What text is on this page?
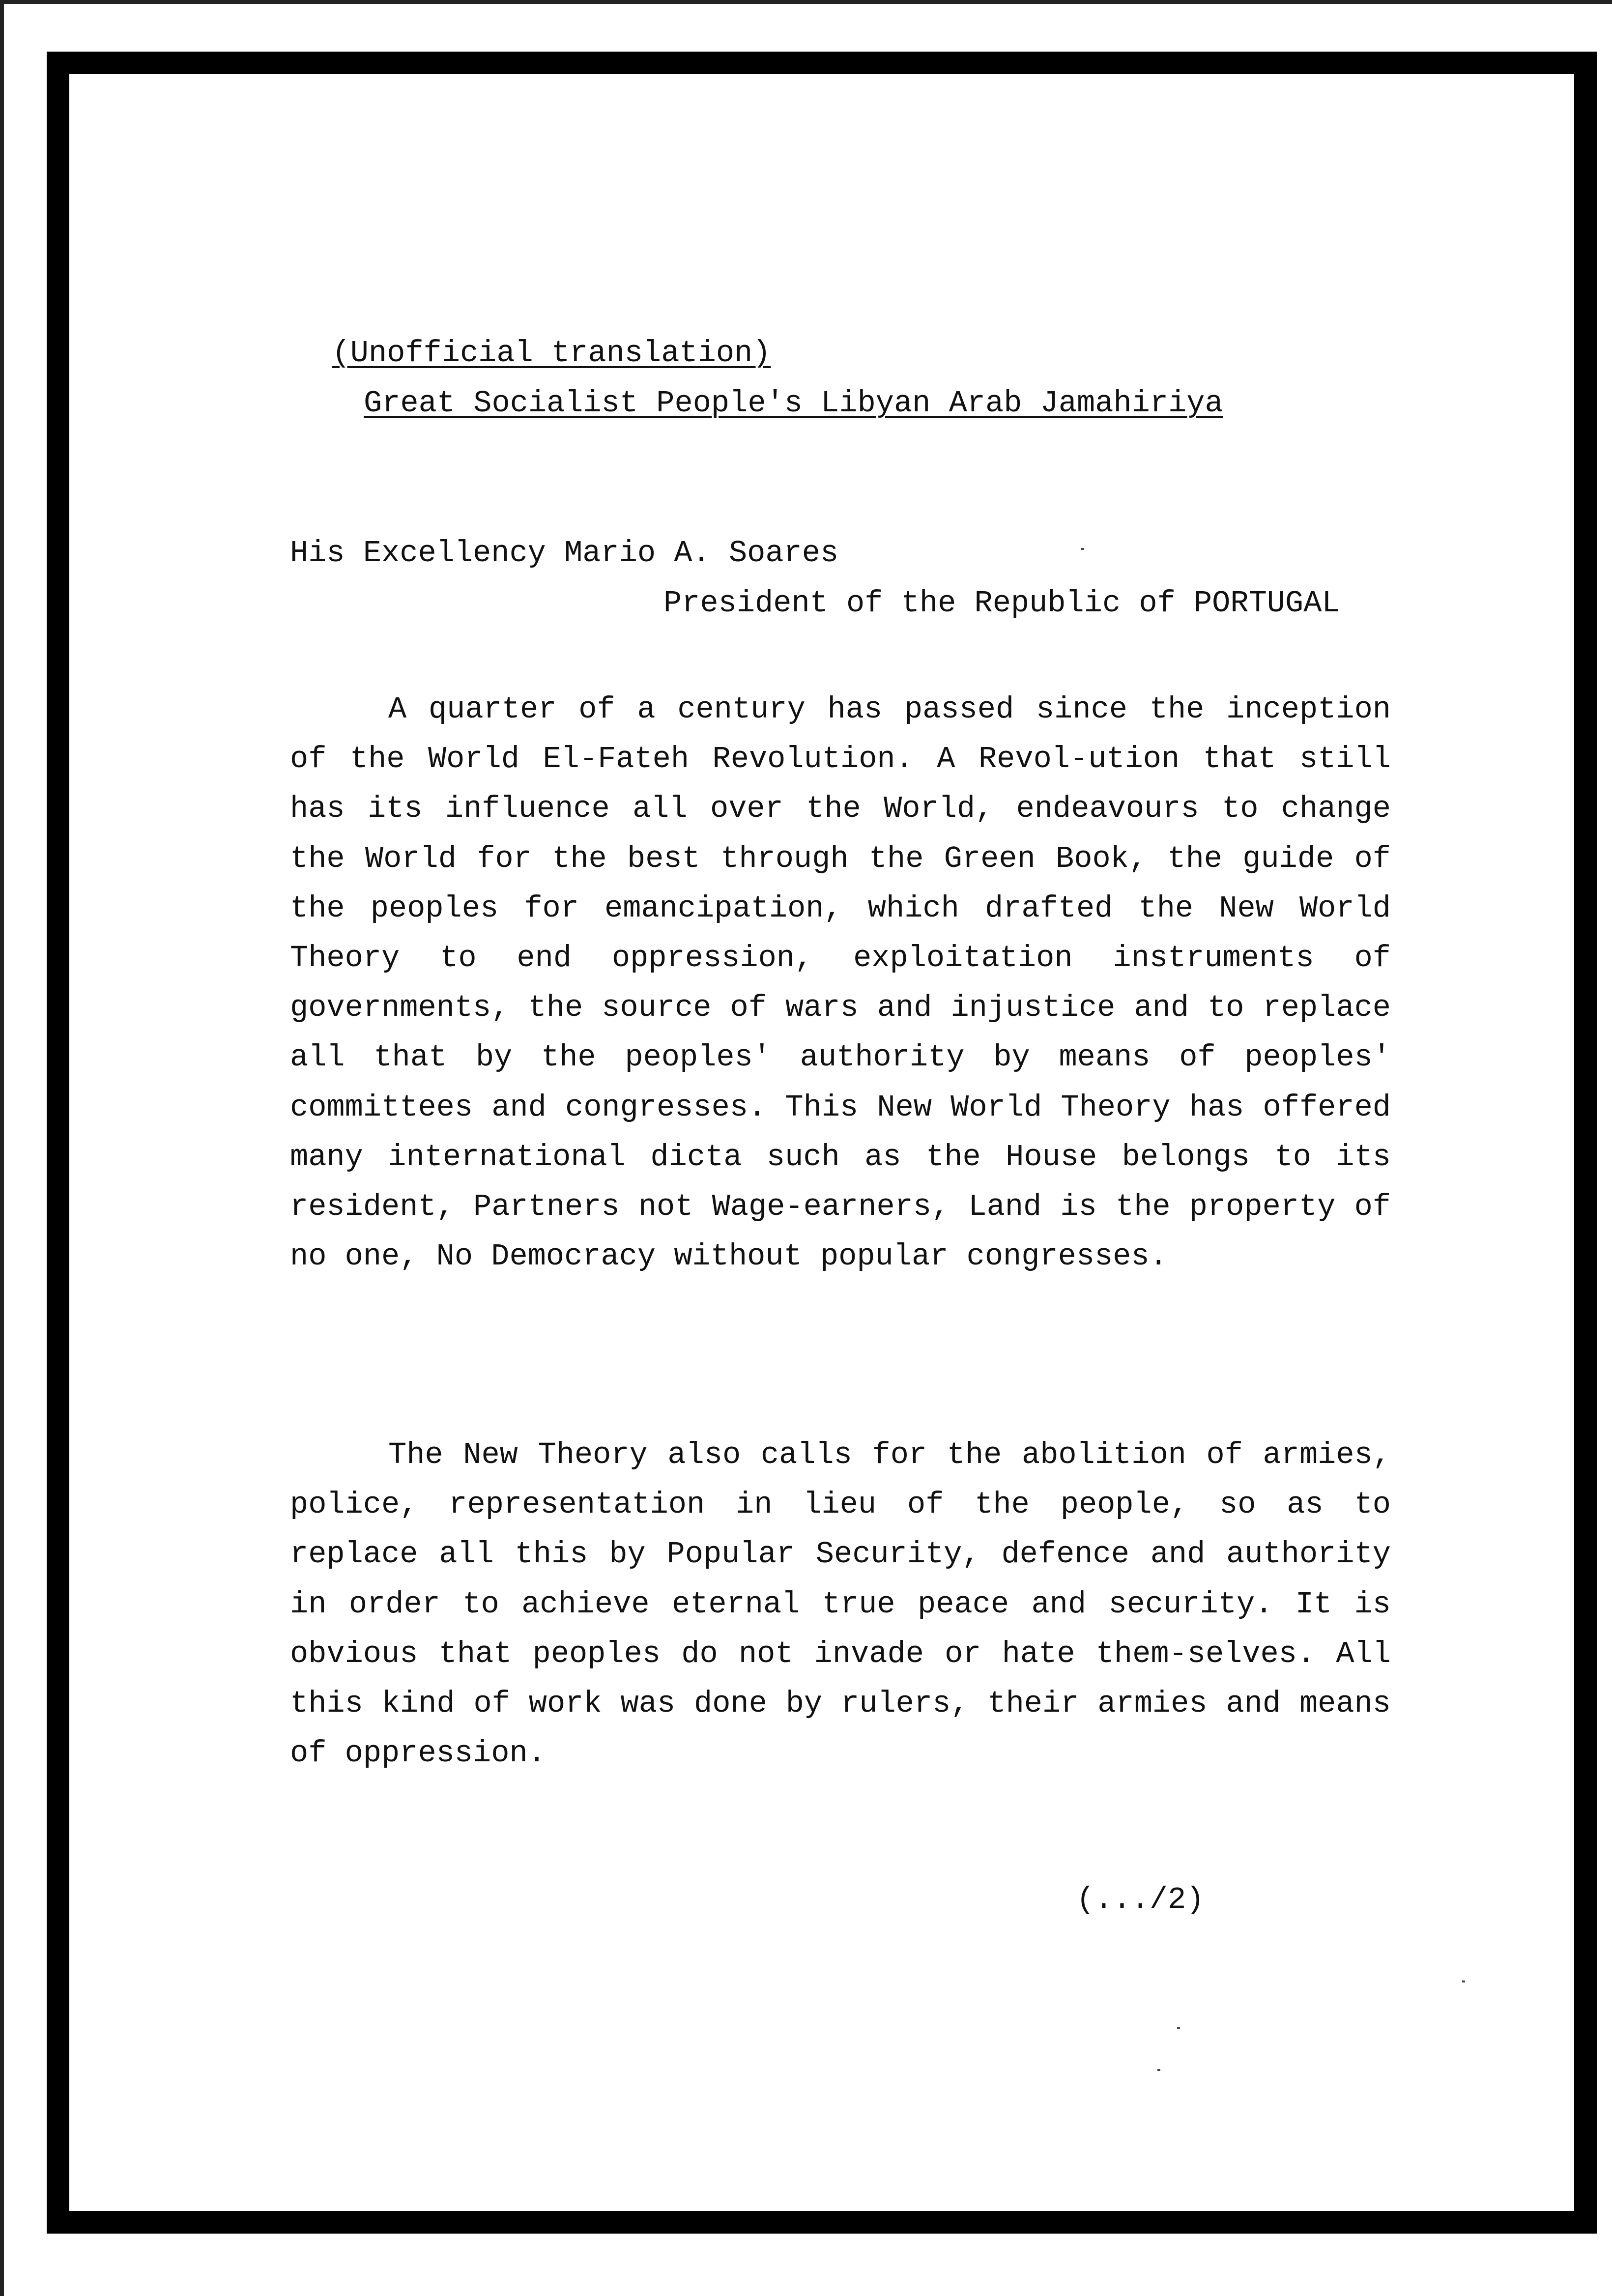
(Unofficial translation)
Great Socialist People's Libyan Arab Jamahiriya
His Excellency Mario A. Soares
President of the Republic of PORTUGAL

A quarter of a century has passed since the inception of the World El-Fateh Revolution. A Revol-ution that still has its influence all over the World, endeavours to change the World for the best through the Green Book, the guide of the peoples for emancipation, which drafted the New World Theory to end oppression, exploitation instruments of governments, the source of wars and injustice and to replace all that by the peoples' authority by means of peoples' committees and congresses. This New World Theory has offered many international dicta such as the House belongs to its resident, Partners not Wage-earners, Land is the property of no one, No Democracy without popular congresses.

The New Theory also calls for the abolition of armies, police, representation in lieu of the people, so as to replace all this by Popular Security, defence and authority in order to achieve eternal true peace and security. It is obvious that peoples do not invade or hate them-selves. All this kind of work was done by rulers, their armies and means of oppression.

(.../2)
